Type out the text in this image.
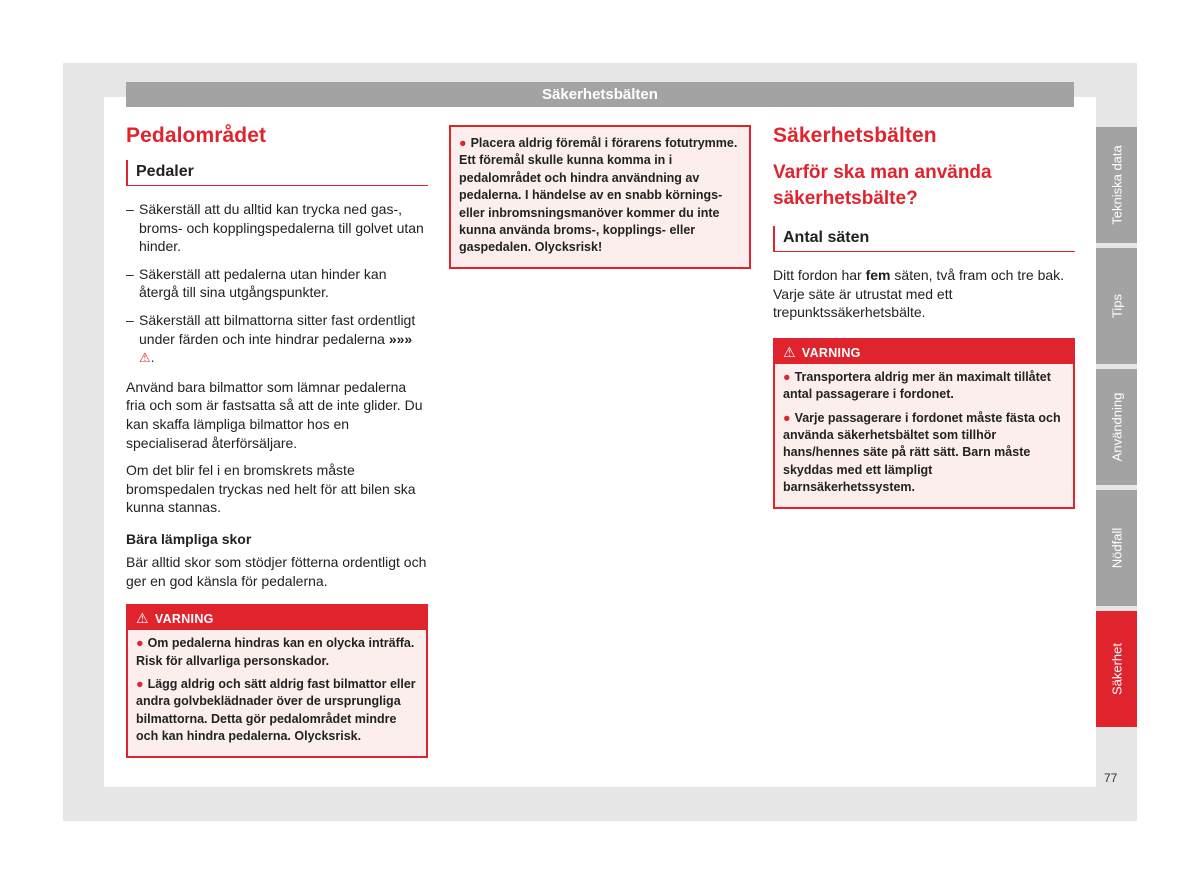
Säkerhetsbälten
Pedalområdet
Pedaler
– Säkerställ att du alltid kan trycka ned gas-, broms- och kopplingspedalerna till golvet utan hinder.
– Säkerställ att pedalerna utan hinder kan återgå till sina utgångspunkter.
– Säkerställ att bilmattorna sitter fast ordentligt under färden och inte hindrar pedalerna »»» ⚠.

Använd bara bilmattor som lämnar pedalerna fria och som är fastsatta så att de inte glider. Du kan skaffa lämpliga bilmattor hos en specialiserad återförsäljare.

Om det blir fel i en bromskrets måste bromspedalen tryckas ned helt för att bilen ska kunna stannas.

Bära lämpliga skor

Bär alltid skor som stödjer fötterna ordentligt och ger en god känsla för pedalerna.

⚠ VARNING
● Om pedalerna hindras kan en olycka inträffa. Risk för allvarliga personskador.
● Lägg aldrig och sätt aldrig fast bilmattor eller andra golvbeklädnader över de ursprungliga bilmattorna. Detta gör pedalområdet mindre och kan hindra pedalerna. Olycksrisk.
● Placera aldrig föremål i förarens fotutrymme. Ett föremål skulle kunna komma in i pedalområdet och hindra användning av pedalerna. I händelse av en snabb körnings- eller inbromsningsmanöver kommer du inte kunna använda broms-, kopplings- eller gaspedalen. Olycksrisk!
Säkerhetsbälten
Varför ska man använda säkerhetsbälte?
Antal säten

Ditt fordon har fem säten, två fram och tre bak. Varje säte är utrustat med ett trepunktssäkerhetsbälte.

⚠ VARNING
● Transportera aldrig mer än maximalt tillåtet antal passagerare i fordonet.
● Varje passagerare i fordonet måste fästa och använda säkerhetsbältet som tillhör hans/hennes säte på rätt sätt. Barn måste skyddas med ett lämpligt barnsäkerhetssystem.
Tekniska data
Tips
Användning
Nödfall
Säkerhet
77
